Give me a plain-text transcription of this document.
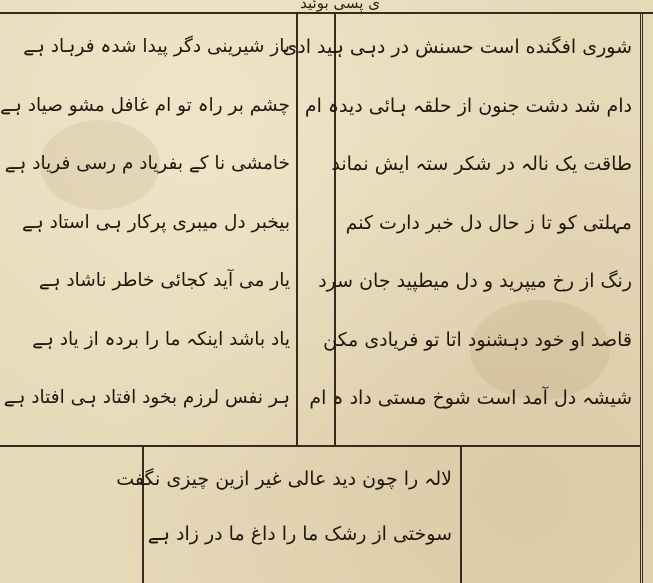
ی پسی بوئید
شوری افگنده است حسنش در دہی ہید ادی
دام شد دشت جنون از حلقہ ہائی دیدہ ام
طاقت یک نالہ در شکر ستہ ایش نماند
مہلتی کو تا ز حال دل خبر دارت کنم
رنگ از رخ میپرید و دل میطپید جان سرد
قاصد او خود دہشنود اتا تو فریادی مکن
شیشہ دل آمد است شوخ مستی داد ہ ام
باز شیرینی دگر پیدا شدہ فرہاد ہے
چشم بر راہ تو ام غافل مشو صیاد ہے
خامشی نا کے بفریاد م رسی فریاد ہے
بیخبر دل میبری پرکار ہی استاد ہے
یار می آید کجائی خاطر ناشاد ہے
یاد باشد اینکہ ما را بردہ از یاد ہے
ہر نفس لرزم بخود افتاد ہی افتاد ہے
لالہ را چون دید عالی غیر ازین چیزی نگفت
سوختی از رشک ما را داغ ما در زاد ہے
